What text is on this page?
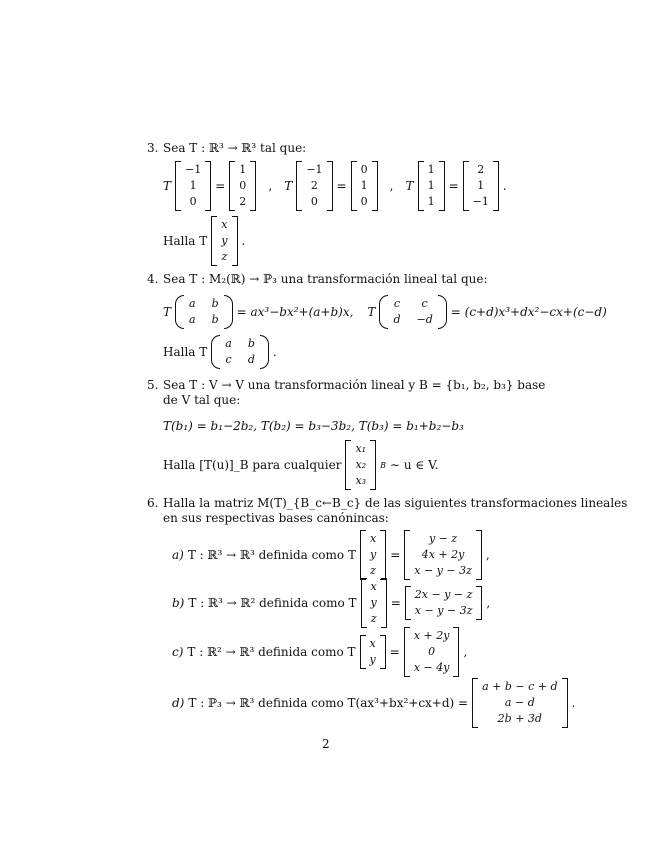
3. Sea T : ℝ³ → ℝ³ tal que:
T
−1
1
0
=
1
0
2
,	T
−1
2
0
=
0
1
0
,	T
1
1
1
=
2
1
−1
.
Halla T
x
y
z
.
4. Sea T : M₂(ℝ) → ℙ₃ una transformación lineal tal que:
T
a b
a b
= ax³−bx²+(a+b)x, T
c	c
d −d
= (c+d)x³+dx²−cx+(c−d)
Halla T
a b
c d
.
5. Sea T : V → V una transformación lineal y B = {b₁, b₂, b₃} base
de V tal que:
T(b₁) = b₁−2b₂, T(b₂) = b₃−3b₂, T(b₃) = b₁+b₂−b₃
Halla [T(u)]_B para cualquier
x₁
x₂
x₃
B ∼ u ∈ V.
6. Halla la matriz M(T)_{B_c←B_c} de las siguientes transformaciones lineales
en sus respectivas bases canónincas:
a) T : ℝ³ → ℝ³ definida como T
x
y
z
=
y − z
4x + 2y
x − y − 3z
,
b) T : ℝ³ → ℝ² definida como T
x
y
z
=
2x − y − z
x − y − 3z
,
c) T : ℝ² → ℝ³ definida como T
x
y
=
x + 2y
0
x − 4y
,
d) T : ℙ₃ → ℝ³ definida como T(ax³+bx²+cx+d) =
a + b − c + d
a − d
2b + 3d
.
2
